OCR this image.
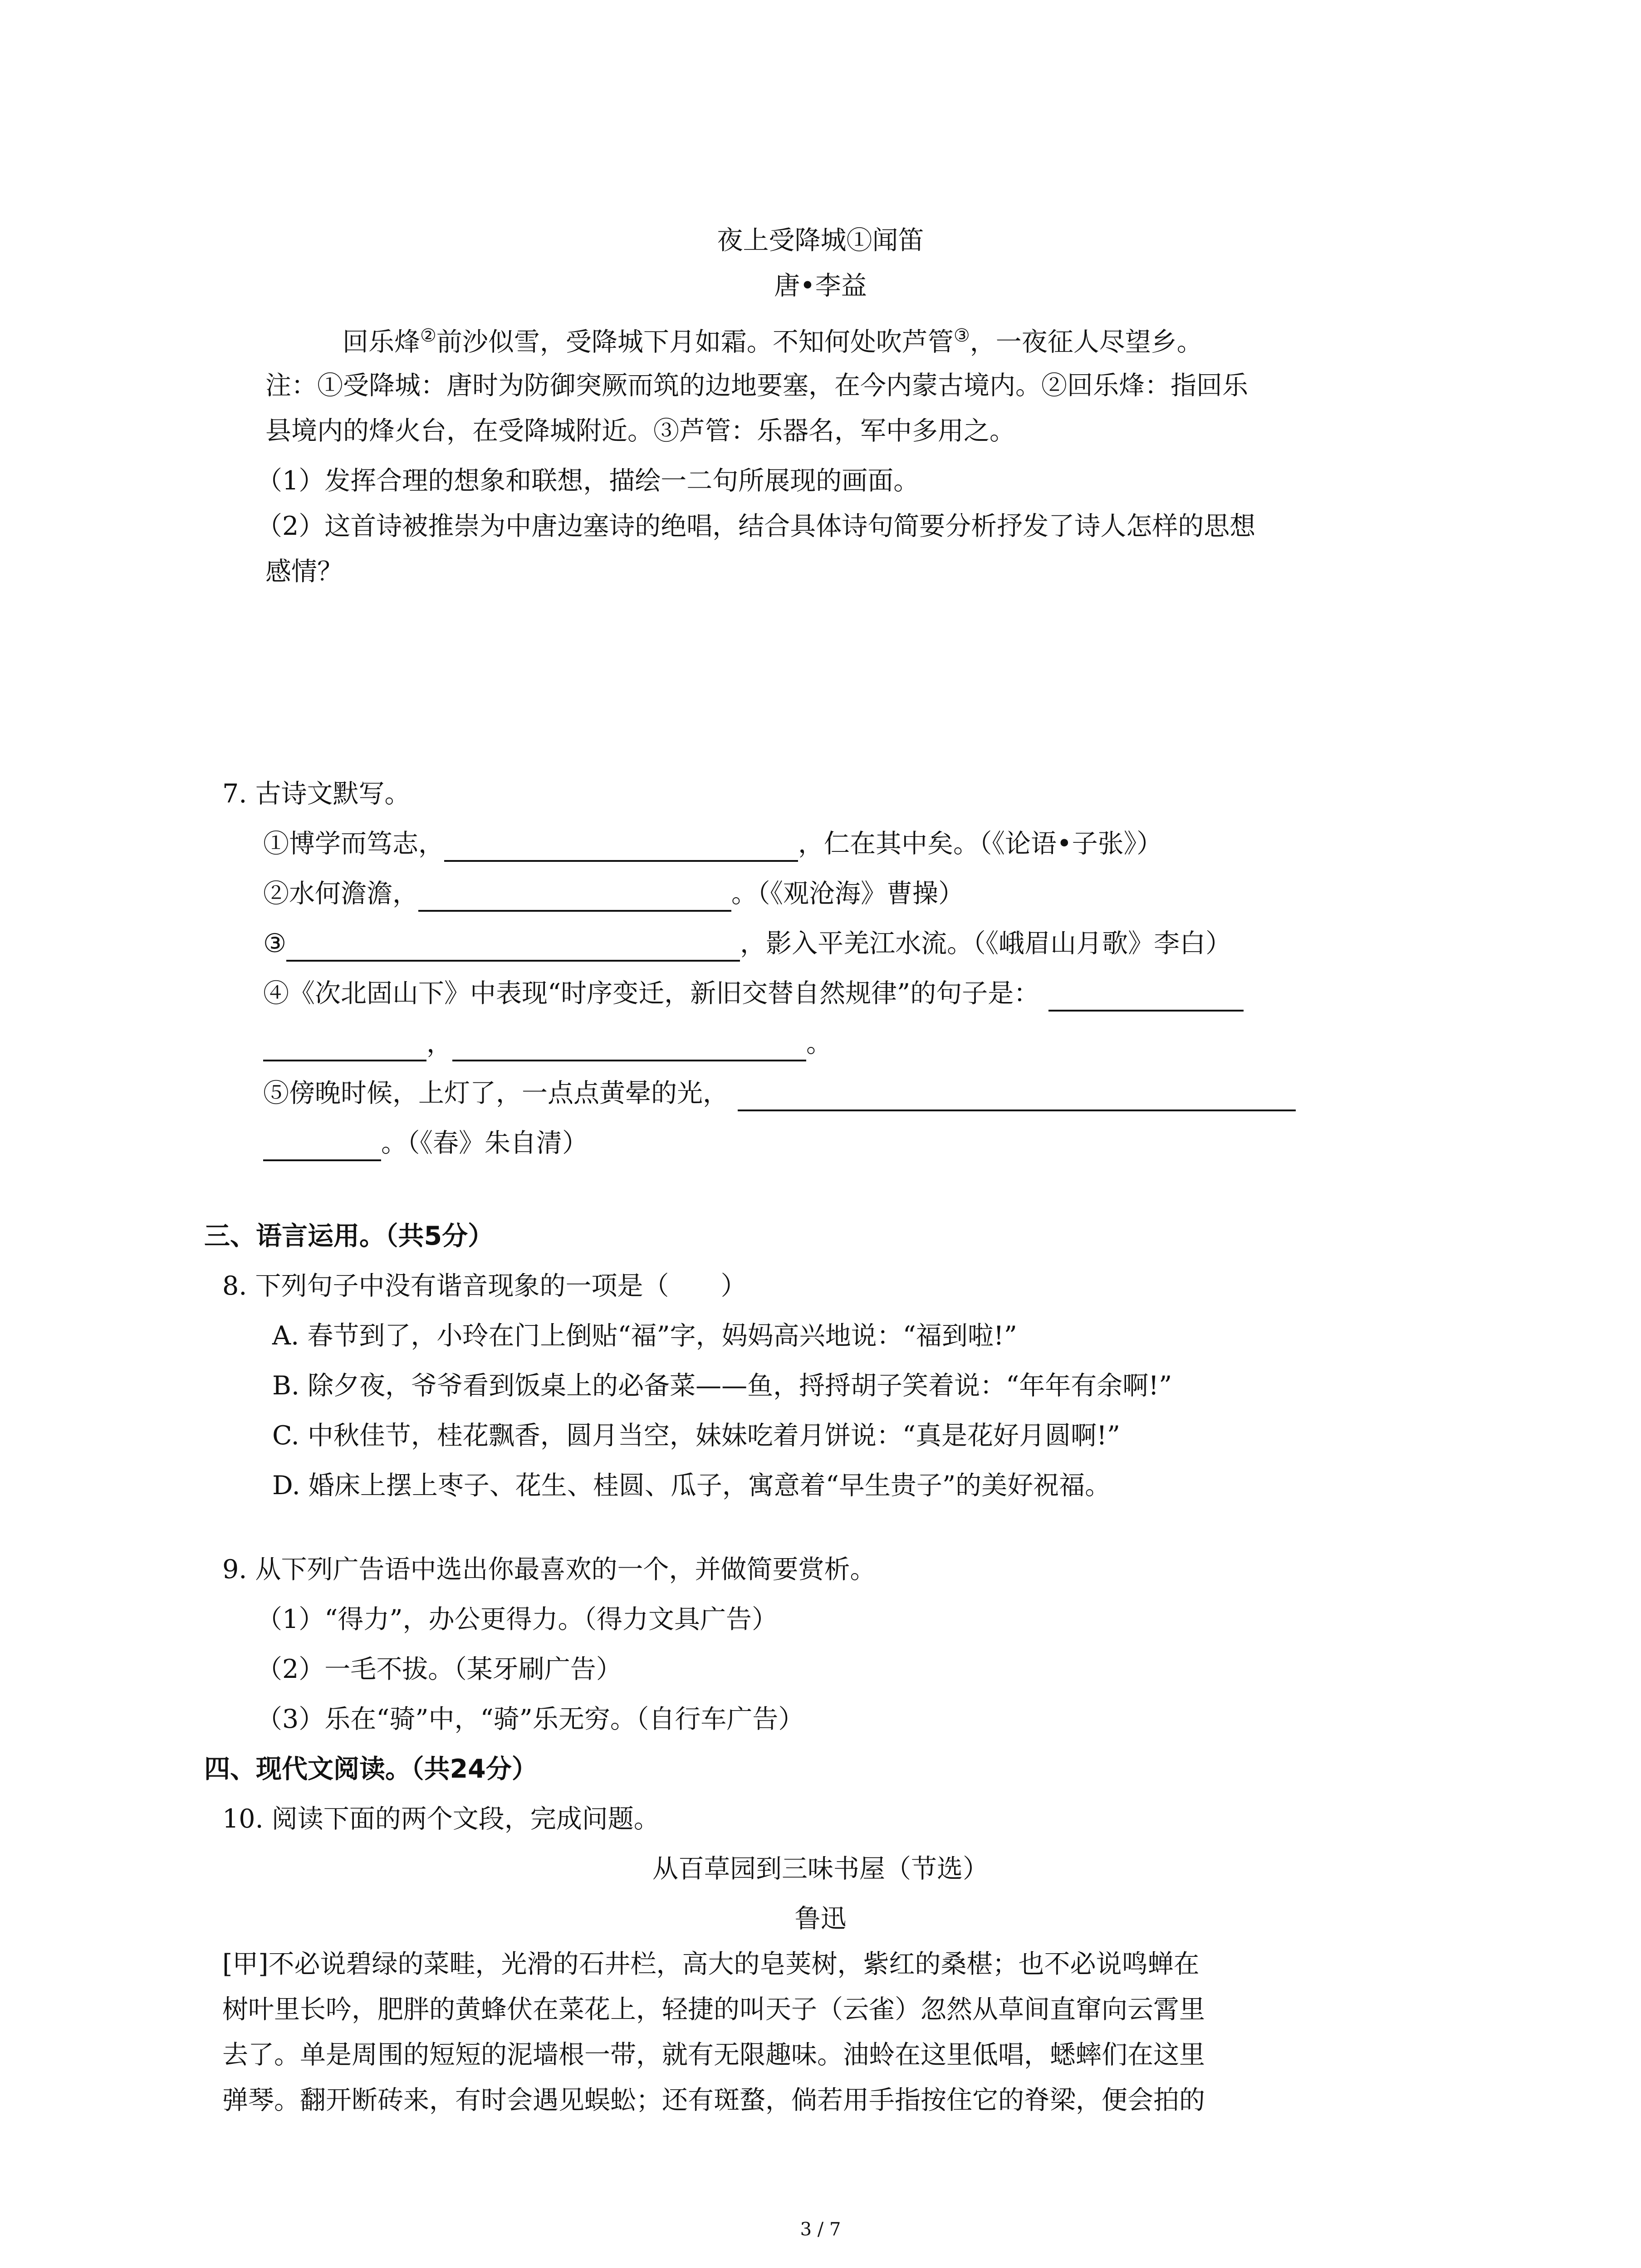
夜上受降城①闻笛
唐•李益
回乐烽②前沙似雪，受降城下月如霜。不知何处吹芦管③，一夜征人尽望乡。
注：①受降城：唐时为防御突厥而筑的边地要塞，在今内蒙古境内。②回乐烽：指回乐
县境内的烽火台，在受降城附近。③芦管：乐器名，军中多用之。
（1）发挥合理的想象和联想，描绘一二句所展现的画面。
（2）这首诗被推崇为中唐边塞诗的绝唱，结合具体诗句简要分析抒发了诗人怎样的思想
感情？
7. 古诗文默写。
①博学而笃志，	，仁在其中矣。（《论语•子张》）
②水何澹澹，	。（《观沧海》曹操）
③	，影入平羌江水流。（《峨眉山月歌》李白）
④《次北固山下》中表现“时序变迁，新旧交替自然规律”的句子是：
，	。
⑤傍晚时候，上灯了，一点点黄晕的光，
。（《春》朱自清）
三、语言运用。（共5分）
8. 下列句子中没有谐音现象的一项是（　　）
A. 春节到了，小玲在门上倒贴“福”字，妈妈高兴地说：“福到啦!”
B. 除夕夜，爷爷看到饭桌上的必备菜——鱼，捋捋胡子笑着说：“年年有余啊!”
C. 中秋佳节，桂花飘香，圆月当空，妹妹吃着月饼说：“真是花好月圆啊!”
D. 婚床上摆上枣子、花生、桂圆、瓜子，寓意着“早生贵子”的美好祝福。
9. 从下列广告语中选出你最喜欢的一个，并做简要赏析。
（1）“得力”，办公更得力。（得力文具广告）
（2）一毛不拔。（某牙刷广告）
（3）乐在“骑”中，“骑”乐无穷。（自行车广告）
四、现代文阅读。（共24分）
10. 阅读下面的两个文段，完成问题。
从百草园到三味书屋（节选）
鲁迅
[甲]不必说碧绿的菜畦，光滑的石井栏，高大的皂荚树，紫红的桑椹；也不必说鸣蝉在
树叶里长吟，肥胖的黄蜂伏在菜花上，轻捷的叫天子（云雀）忽然从草间直窜向云霄里
去了。单是周围的短短的泥墙根一带，就有无限趣味。油蛉在这里低唱，蟋蟀们在这里
弹琴。翻开断砖来，有时会遇见蜈蚣；还有斑蝥，倘若用手指按住它的脊梁，便会拍的
3 / 7
